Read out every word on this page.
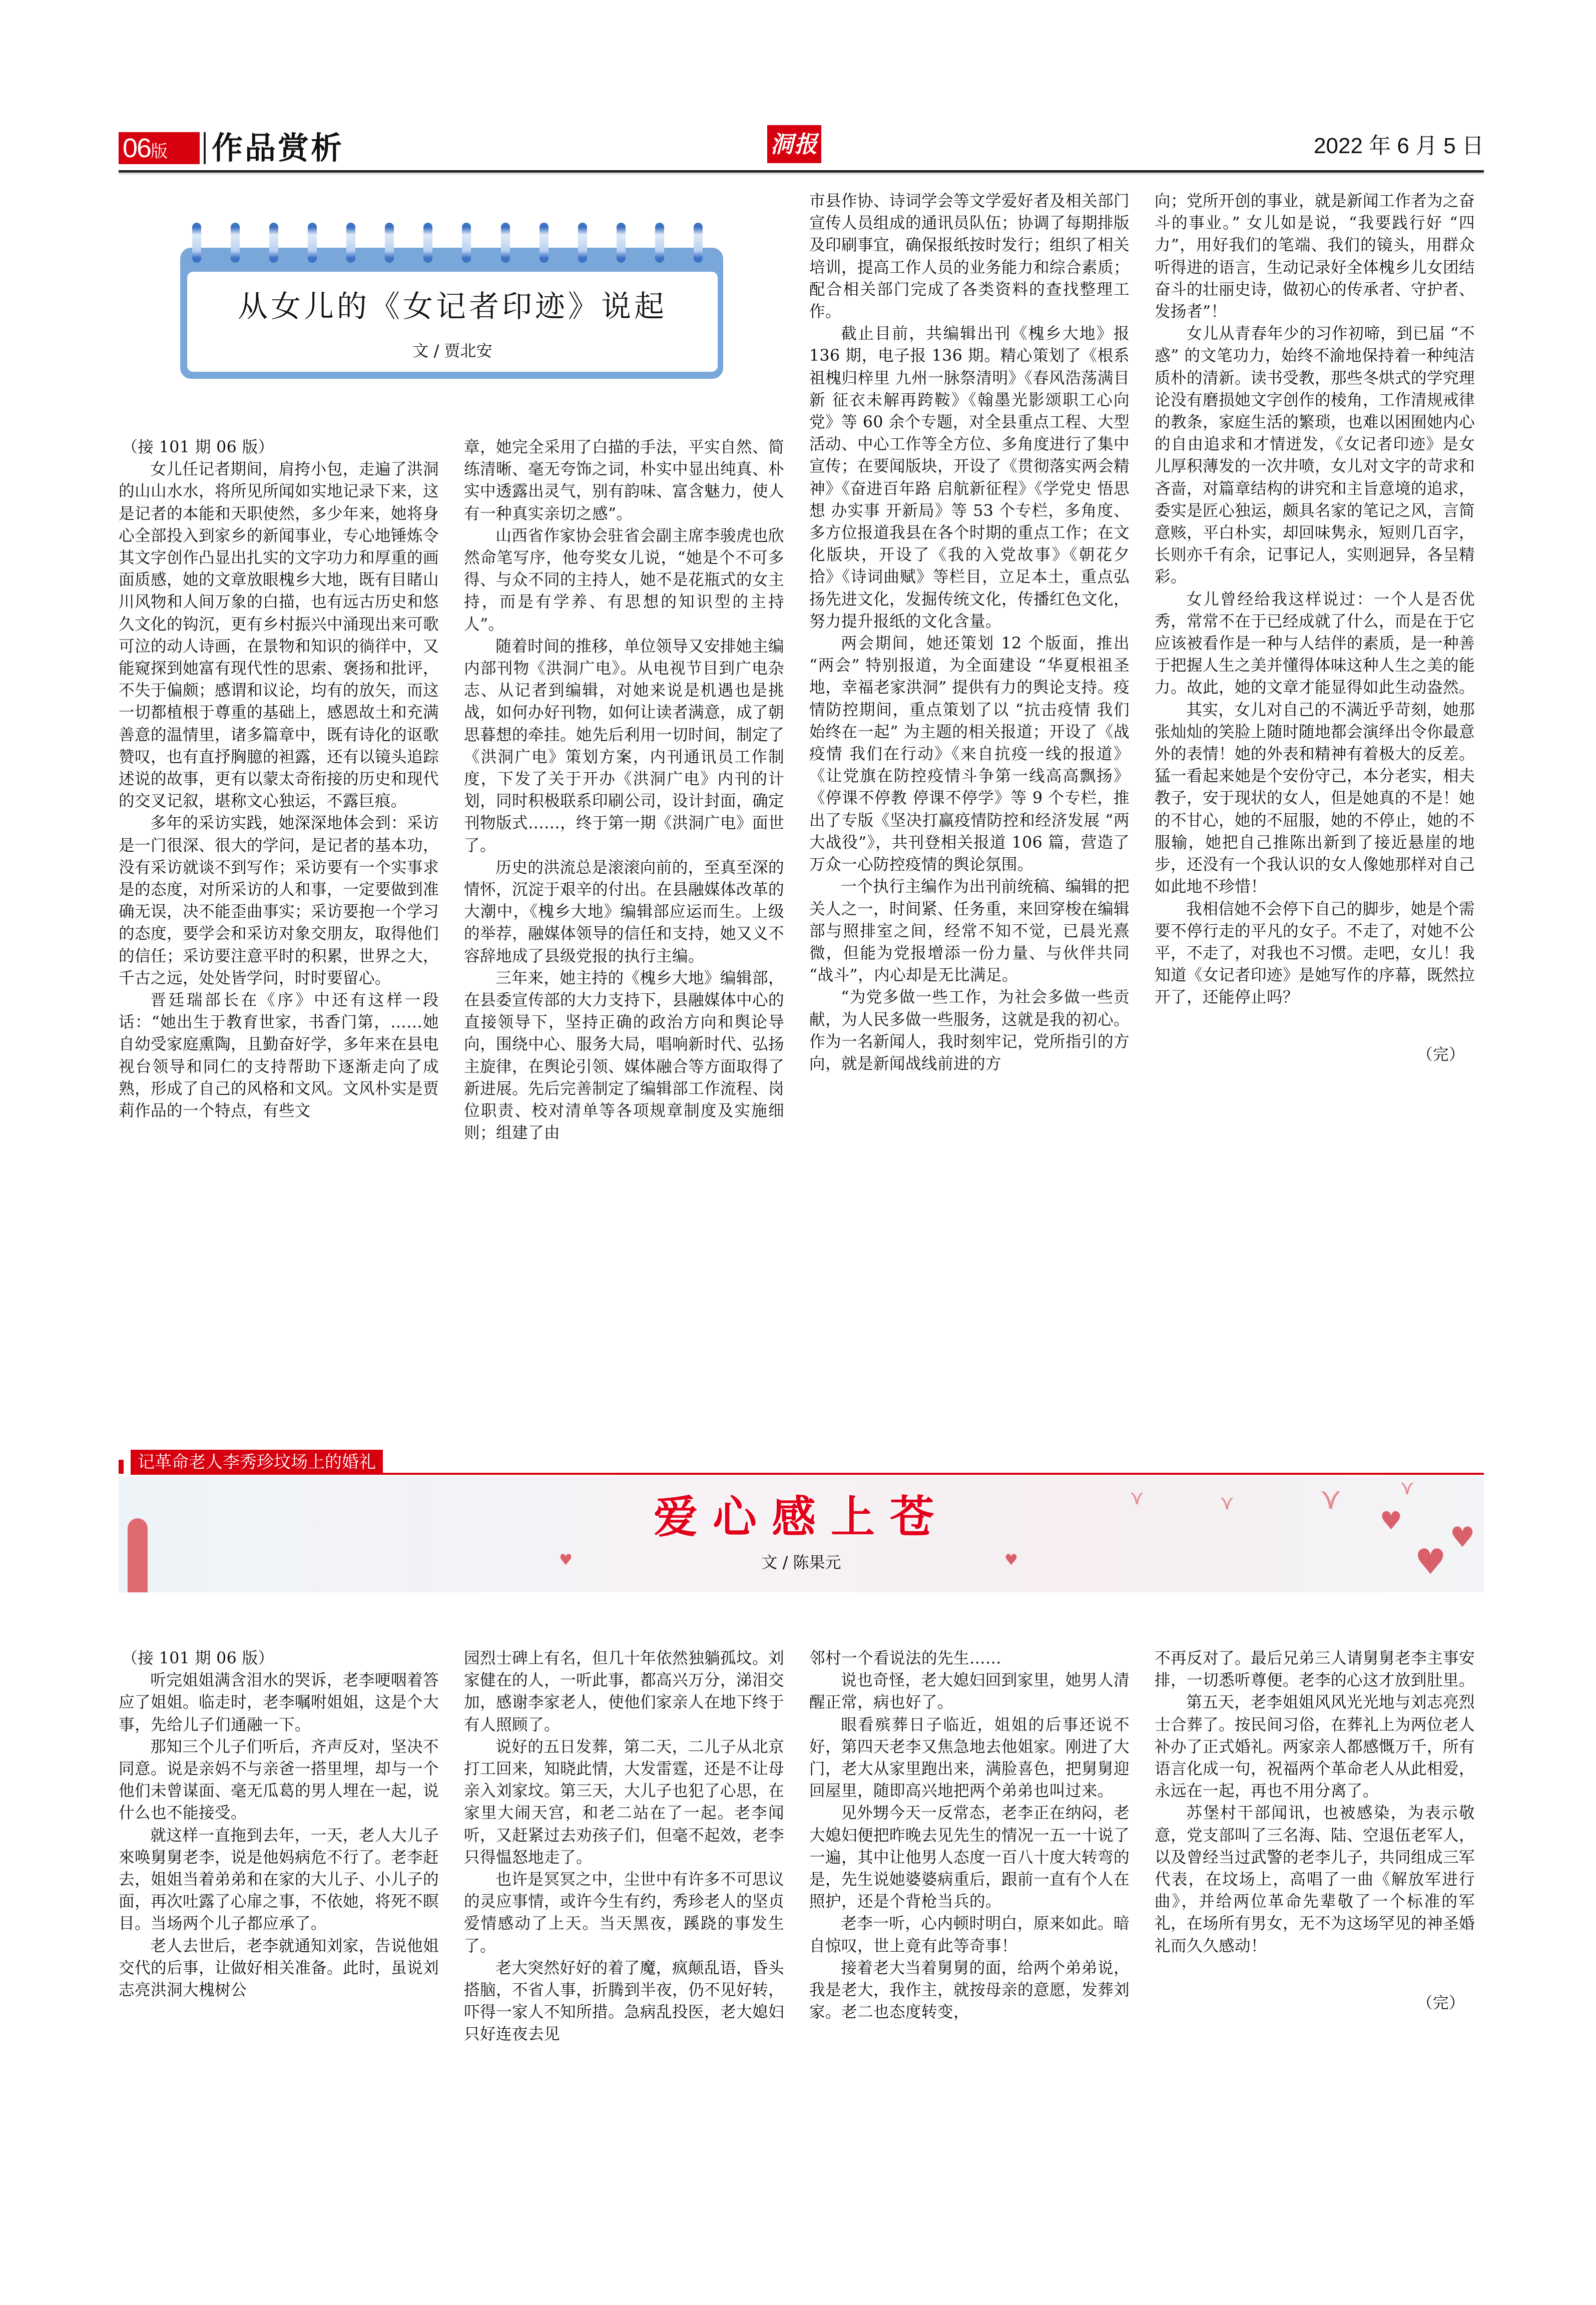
06版	作品赏析	洞报	2022 年 6 月 5 日
从女儿的《女记者印迹》说起
文 / 贾北安

（接 101 期 06 版）

女儿任记者期间，肩挎小包，走遍了洪洞的山山水水，将所见所闻如实地记录下来，这是记者的本能和天职使然，多少年来，她将身心全部投入到家乡的新闻事业，专心地锤炼令其文字创作凸显出扎实的文字功力和厚重的画面质感，她的文章放眼槐乡大地，既有目睹山川风物和人间万象的白描，也有远古历史和悠久文化的钩沉，更有乡村振兴中涌现出来可歌可泣的动人诗画，在景物和知识的徜徉中，又能窥探到她富有现代性的思索、褒扬和批评，不失于偏颇；感谓和议论，均有的放矢，而这一切都植根于尊重的基础上，感恩故土和充满善意的温情里，诸多篇章中，既有诗化的讴歌赞叹，也有直抒胸臆的袒露，还有以镜头追踪述说的故事，更有以蒙太奇衔接的历史和现代的交叉记叙，堪称文心独运，不露巨痕。

多年的采访实践，她深深地体会到：采访是一门很深、很大的学问，是记者的基本功，没有采访就谈不到写作；采访要有一个实事求是的态度，对所采访的人和事，一定要做到准确无误，决不能歪曲事实；采访要抱一个学习的态度，要学会和采访对象交朋友，取得他们的信任；采访要注意平时的积累，世界之大，千古之远，处处皆学问，时时要留心。

晋廷瑞部长在《序》中还有这样一段话：“她出生于教育世家，书香门第，……她自幼受家庭熏陶，且勤奋好学，多年来在县电视台领导和同仁的支持帮助下逐渐走向了成熟，形成了自己的风格和文风。文风朴实是贾莉作品的一个特点，有些文

章，她完全采用了白描的手法，平实自然、简练清晰、毫无夸饰之词，朴实中显出纯真、朴实中透露出灵气，别有韵味、富含魅力，使人有一种真实亲切之感”。

山西省作家协会驻省会副主席李骏虎也欣然命笔写序，他夸奖女儿说，“她是个不可多得、与众不同的主持人，她不是花瓶式的女主持，而是有学养、有思想的知识型的主持人”。

随着时间的推移，单位领导又安排她主编内部刊物《洪洞广电》。从电视节目到广电杂志、从记者到编辑，对她来说是机遇也是挑战，如何办好刊物，如何让读者满意，成了朝思暮想的牵挂。她先后利用一切时间，制定了《洪洞广电》策划方案，内刊通讯员工作制度，下发了关于开办《洪洞广电》内刊的计划，同时积极联系印刷公司，设计封面，确定刊物版式……，终于第一期《洪洞广电》面世了。

历史的洪流总是滚滚向前的，至真至深的情怀，沉淀于艰辛的付出。在县融媒体改革的大潮中，《槐乡大地》编辑部应运而生。上级的举荐，融媒体领导的信任和支持，她又义不容辞地成了县级党报的执行主编。

三年来，她主持的《槐乡大地》编辑部，在县委宣传部的大力支持下，县融媒体中心的直接领导下，坚持正确的政治方向和舆论导向，围绕中心、服务大局，唱响新时代、弘扬主旋律，在舆论引领、媒体融合等方面取得了新进展。先后完善制定了编辑部工作流程、岗位职责、校对清单等各项规章制度及实施细则；组建了由

市县作协、诗词学会等文学爱好者及相关部门宣传人员组成的通讯员队伍；协调了每期排版及印刷事宜，确保报纸按时发行；组织了相关培训，提高工作人员的业务能力和综合素质；配合相关部门完成了各类资料的查找整理工作。

截止目前，共编辑出刊《槐乡大地》报 136 期，电子报 136 期。精心策划了《根系祖槐归梓里 九州一脉祭清明》《春风浩荡满目新 征衣未解再跨鞍》《翰墨光影颂职工心向党》等 60 余个专题，对全县重点工程、大型活动、中心工作等全方位、多角度进行了集中宣传；在要闻版块，开设了《贯彻落实两会精神》《奋进百年路 启航新征程》《学党史 悟思想 办实事 开新局》等 53 个专栏，多角度、多方位报道我县在各个时期的重点工作；在文化版块，开设了《我的入党故事》《朝花夕拾》《诗词曲赋》等栏目，立足本土，重点弘扬先进文化，发掘传统文化，传播红色文化，努力提升报纸的文化含量。

两会期间，她还策划 12 个版面，推出 “两会” 特别报道，为全面建设 “华夏根祖圣地，幸福老家洪洞” 提供有力的舆论支持。疫情防控期间，重点策划了以 “抗击疫情 我们始终在一起” 为主题的相关报道；开设了《战疫情 我们在行动》《来自抗疫一线的报道》《让党旗在防控疫情斗争第一线高高飘扬》《停课不停教 停课不停学》等 9 个专栏，推出了专版《坚决打赢疫情防控和经济发展 “两大战役”》，共刊登相关报道 106 篇，营造了万众一心防控疫情的舆论氛围。

一个执行主编作为出刊前统稿、编辑的把关人之一，时间紧、任务重，来回穿梭在编辑部与照排室之间，经常不知不觉，已晨光熹微，但能为党报增添一份力量、与伙伴共同 “战斗”，内心却是无比满足。

“为党多做一些工作，为社会多做一些贡献，为人民多做一些服务，这就是我的初心。作为一名新闻人，我时刻牢记，党所指引的方向，就是新闻战线前进的方

向；党所开创的事业，就是新闻工作者为之奋斗的事业。” 女儿如是说，“我要践行好 “四力”，用好我们的笔端、我们的镜头，用群众听得进的语言，生动记录好全体槐乡儿女团结奋斗的壮丽史诗，做初心的传承者、守护者、发扬者”！

女儿从青春年少的习作初啼，到已届 “不惑” 的文笔功力，始终不渝地保持着一种纯洁质朴的清新。读书受教，那些冬烘式的学究理论没有磨损她文字创作的棱角，工作清规戒律的教条，家庭生活的繁琐，也难以困囿她内心的自由追求和才情迸发，《女记者印迹》是女儿厚积薄发的一次井喷，女儿对文字的苛求和吝啬，对篇章结构的讲究和主旨意境的追求，委实是匠心独运，颇具名家的笔记之风，言简意赅，平白朴实，却回味隽永，短则几百字，长则亦千有余，记事记人，实则迥异，各呈精彩。

女儿曾经给我这样说过：一个人是否优秀，常常不在于已经成就了什么，而是在于它应该被看作是一种与人结伴的素质，是一种善于把握人生之美并懂得体味这种人生之美的能力。故此，她的文章才能显得如此生动盎然。

其实，女儿对自己的不满近乎苛刻，她那张灿灿的笑脸上随时随地都会演绎出令你最意外的表情！她的外表和精神有着极大的反差。猛一看起来她是个安份守己，本分老实，相夫教子，安于现状的女人，但是她真的不是！她的不甘心，她的不屈服，她的不停止，她的不服输，她把自己推陈出新到了接近悬崖的地步，还没有一个我认识的女人像她那样对自己如此地不珍惜！

我相信她不会停下自己的脚步，她是个需要不停行走的平凡的女子。不走了，对她不公平，不走了，对我也不习惯。走吧，女儿！我知道《女记者印迹》是她写作的序幕，既然拉开了，还能停止吗？

（完）

记革命老人李秀珍坟场上的婚礼
♥	♥
♥
♥
♥
⋎	⋎	⋎	⋎
爱心感上苍
文 / 陈果元

（接 101 期 06 版）

听完姐姐满含泪水的哭诉，老李哽咽着答应了姐姐。临走时，老李嘱咐姐姐，这是个大事，先给儿子们通融一下。

那知三个儿子们听后，齐声反对，坚决不同意。说是亲妈不与亲爸一搭里埋，却与一个他们未曾谋面、毫无瓜葛的男人埋在一起，说什么也不能接受。

就这样一直拖到去年，一天，老人大儿子來唤舅舅老李，说是他妈病危不行了。老李赶去，姐姐当着弟弟和在家的大儿子、小儿子的面，再次吐露了心扉之事，不依她，将死不瞑目。当场两个儿子都应承了。

老人去世后，老李就通知刘家，告说他姐交代的后事，让做好相关准备。此时，虽说刘志亮洪洞大槐树公

园烈士碑上有名，但几十年依然独躺孤坟。刘家健在的人，一听此事，都高兴万分，涕泪交加，感谢李家老人，使他们家亲人在地下终于有人照顾了。

说好的五日发葬，第二天，二儿子从北京打工回来，知晓此情，大发雷霆，还是不让母亲入刘家坟。第三天，大儿子也犯了心思，在家里大闹天宫，和老二站在了一起。老李闻听，又赶紧过去劝孩子们，但毫不起效，老李只得愠怒地走了。

也许是冥冥之中，尘世中有许多不可思议的灵应事情，或许今生有约，秀珍老人的坚贞爱情感动了上天。当天黑夜，蹊跷的事发生了。

老大突然好好的着了魔，疯颠乱语，昏头搭脑，不省人事，折腾到半夜，仍不见好转，吓得一家人不知所措。急病乱投医，老大媳妇只好连夜去见

邻村一个看说法的先生……

说也奇怪，老大媳妇回到家里，她男人清醒正常，病也好了。

眼看殡葬日子临近，姐姐的后事还说不好，第四天老李又焦急地去他姐家。刚进了大门，老大从家里跑出来，满脸喜色，把舅舅迎回屋里，随即高兴地把两个弟弟也叫过来。

见外甥今天一反常态，老李正在纳闷，老大媳妇便把昨晚去见先生的情况一五一十说了一遍，其中让他男人态度一百八十度大转弯的是，先生说她婆婆病重后，跟前一直有个人在照护，还是个背枪当兵的。

老李一听，心内顿时明白，原来如此。暗自惊叹，世上竟有此等奇事！

接着老大当着舅舅的面，给两个弟弟说，我是老大，我作主，就按母亲的意愿，发葬刘家。老二也态度转变，

不再反对了。最后兄弟三人请舅舅老李主事安排，一切悉听尊便。老李的心这才放到肚里。

第五天，老李姐姐风风光光地与刘志亮烈士合葬了。按民间习俗，在葬礼上为两位老人补办了正式婚礼。两家亲人都感慨万千，所有语言化成一句，祝福两个革命老人从此相爱，永远在一起，再也不用分离了。

苏堡村干部闻讯，也被感染，为表示敬意，党支部叫了三名海、陆、空退伍老军人，以及曾经当过武警的老李儿子，共同组成三军代表，在坟场上，高唱了一曲《解放军进行曲》，并给两位革命先辈敬了一个标准的军礼，在场所有男女，无不为这场罕见的神圣婚礼而久久感动！

（完）
